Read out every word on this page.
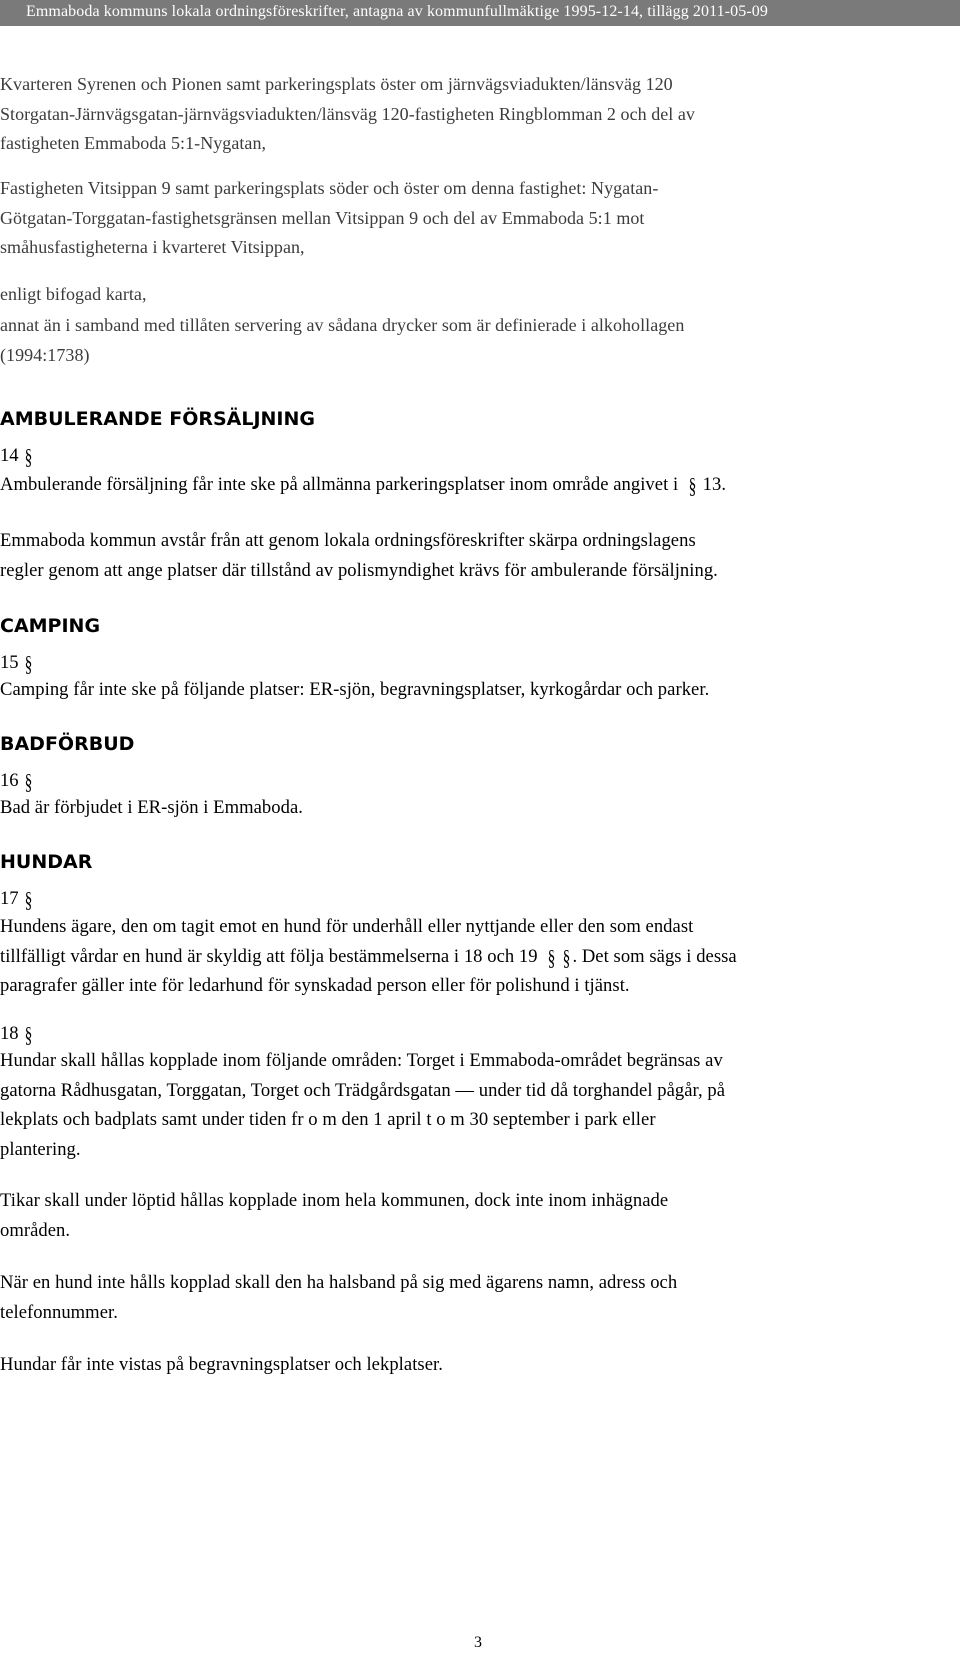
Emmaboda kommuns lokala ordningsföreskrifter, antagna av kommunfullmäktige 1995-12-14, tillägg 2011-05-09
Kvarteren Syrenen och Pionen samt parkeringsplats öster om järnvägsviadukten/länsväg 120
Storgatan-Järnvägsgatan-järnvägsviadukten/länsväg 120-fastigheten Ringblomman 2 och del av
fastigheten Emmaboda 5:1-Nygatan,
Fastigheten Vitsippan 9 samt parkeringsplats söder och öster om denna fastighet: Nygatan-
Götgatan-Torggatan-fastighetsgränsen mellan Vitsippan 9 och del av Emmaboda 5:1 mot
småhusfastigheterna i kvarteret Vitsippan,
enligt bifogad karta,
annat än i samband med tillåten servering av sådana drycker som är definierade i alkohollagen
(1994:1738)
AMBULERANDE FÖRSÄLJNING
14 §
Ambulerande försäljning får inte ske på allmänna parkeringsplatser inom område angivet i § 13.
Emmaboda kommun avstår från att genom lokala ordningsföreskrifter skärpa ordningslagens
regler genom att ange platser där tillstånd av polismyndighet krävs för ambulerande försäljning.
CAMPING
15 §
Camping får inte ske på följande platser: ER-sjön, begravningsplatser, kyrkogårdar och parker.
BADFÖRBUD
16 §
Bad är förbjudet i ER-sjön i Emmaboda.
HUNDAR
17 §
Hundens ägare, den om tagit emot en hund för underhåll eller nyttjande eller den som endast
tillfälligt vårdar en hund är skyldig att följa bestämmelserna i 18 och 19 § §. Det som sägs i dessa
paragrafer gäller inte för ledarhund för synskadad person eller för polishund i tjänst.
18 §
Hundar skall hållas kopplade inom följande områden: Torget i Emmaboda-området begränsas av
gatorna Rådhusgatan, Torggatan, Torget och Trädgårdsgatan — under tid då torghandel pågår, på
lekplats och badplats samt under tiden fr o m den 1 april t o m 30 september i park eller
plantering.
Tikar skall under löptid hållas kopplade inom hela kommunen, dock inte inom inhägnade
områden.
När en hund inte hålls kopplad skall den ha halsband på sig med ägarens namn, adress och
telefonnummer.
Hundar får inte vistas på begravningsplatser och lekplatser.
3
